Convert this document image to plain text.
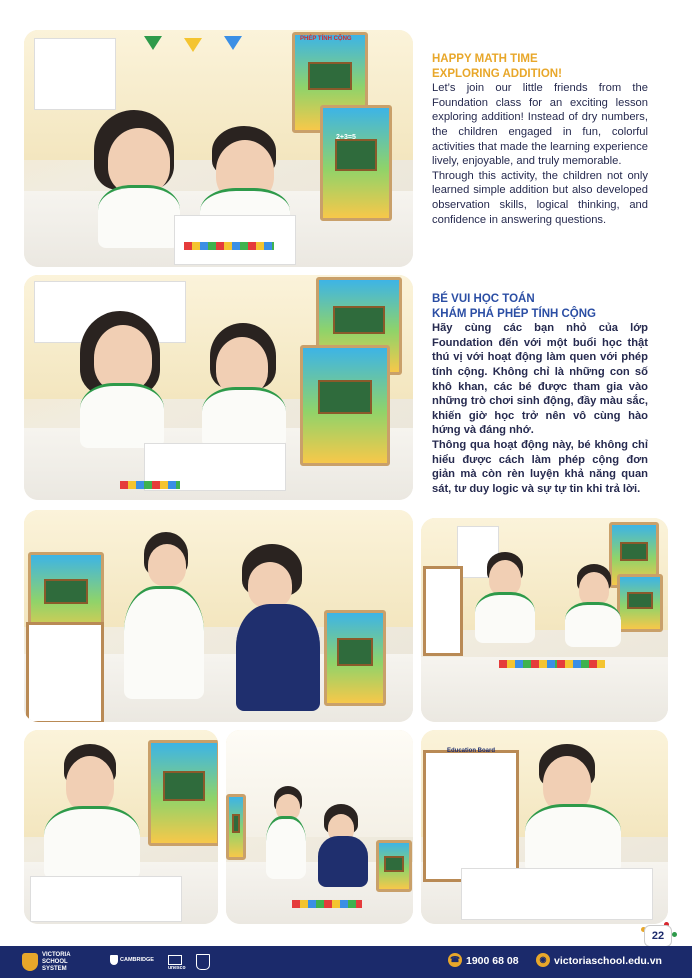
HAPPY MATH TIME
EXPLORING ADDITION!

Let’s join our little friends from the Foundation class for an exciting lesson exploring addition! Instead of dry numbers, the children engaged in fun, colorful activities that made the learning experience lively, enjoyable, and truly memorable.

Through this activity, the children not only learned simple addition but also developed observation skills, logical thinking, and confidence in answering questions.

BÉ VUI HỌC TOÁN
KHÁM PHÁ PHÉP TÍNH CỘNG

Hãy cùng các bạn nhỏ của lớp Foundation đến với một buổi học thật thú vị với hoạt động làm quen với phép tính cộng. Không chỉ là những con số khô khan, các bé được tham gia vào những trò chơi sinh động, đầy màu sắc, khiến giờ học trở nên vô cùng hào hứng và đáng nhớ.

Thông qua hoạt động này, bé không chỉ hiểu được cách làm phép cộng đơn giản mà còn rèn luyện khả năng quan sát, tư duy logic và sự tự tin khi trả lời.

PHÉP TÍNH CỘNG
2+3=5
Education Board
22
VICTORIA
SCHOOL
SYSTEM
CAMBRIDGE
unesco
☎ 1900 68 08	◉ victoriaschool.edu.vn
